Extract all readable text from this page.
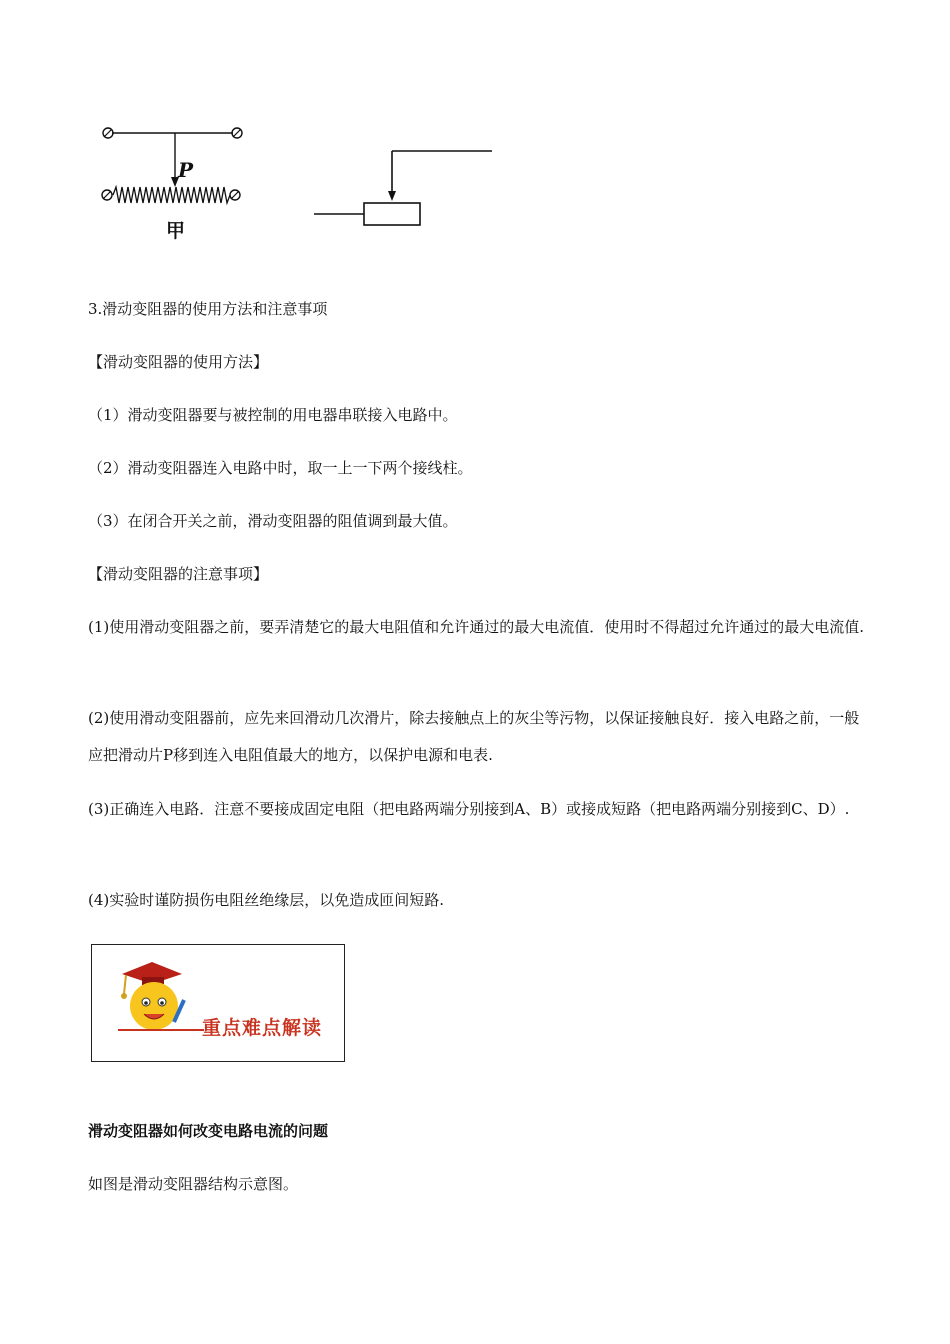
P
甲
3.滑动变阻器的使用方法和注意事项
【滑动变阻器的使用方法】
（1）滑动变阻器要与被控制的用电器串联接入电路中。
（2）滑动变阻器连入电路中时，取一上一下两个接线柱。
（3）在闭合开关之前，滑动变阻器的阻值调到最大值。
【滑动变阻器的注意事项】
(1)使用滑动变阻器之前，要弄清楚它的最大电阻值和允许通过的最大电流值．使用时不得超过允许通过的最大电流值.
(2)使用滑动变阻器前，应先来回滑动几次滑片，除去接触点上的灰尘等污物，以保证接触良好．接入电路之前，一般应把滑动片P移到连入电阻值最大的地方，以保护电源和电表.
(3)正确连入电路．注意不要接成固定电阻（把电路两端分别接到A、B）或接成短路（把电路两端分别接到C、D）.
(4)实验时谨防损伤电阻丝绝缘层，以免造成匝间短路.
重点难点解读
滑动变阻器如何改变电路电流的问题
如图是滑动变阻器结构示意图。
